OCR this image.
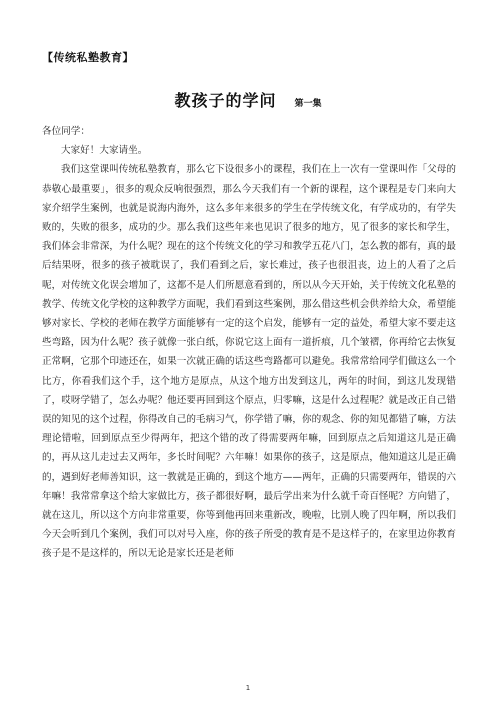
【传统私塾教育】
教孩子的学问 第一集

各位同学：

大家好！大家请坐。

我们这堂课叫传统私塾教育，那么它下设很多小的课程，我们在上一次有一堂课叫作「父母的恭敬心最重要」，很多的观众反响很强烈，那么今天我们有一个新的课程，这个课程是专门来向大家介绍学生案例，也就是说海内海外，这么多年来很多的学生在学传统文化，有学成功的，有学失败的，失败的很多，成功的少。那么我们这些年来也见识了很多的地方，见了很多的家长和学生，我们体会非常深，为什么呢？现在的这个传统文化的学习和教学五花八门，怎么教的都有，真的最后结果呀，很多的孩子被耽误了，我们看到之后，家长难过，孩子也很沮丧，边上的人看了之后呢，对传统文化误会增加了，这都不是人们所愿意看到的，所以从今天开始，关于传统文化私塾的教学、传统文化学校的这种教学方面呢，我们看到这些案例，那么借这些机会供养给大众，希望能够对家长、学校的老师在教学方面能够有一定的这个启发，能够有一定的益处，希望大家不要走这些弯路，因为什么呢？孩子就像一张白纸，你说它这上面有一道折痕，几个皱褶，你再给它去恢复正常啊，它那个印迹还在，如果一次就正确的话这些弯路都可以避免。我常常给同学们做这么一个比方，你看我们这个手，这个地方是原点，从这个地方出发到这儿，两年的时间，到这儿发现错了，哎呀学错了，怎么办呢？他还要再回到这个原点，归零嘛，这是什么过程呢？就是改正自己错误的知见的这个过程，你得改自己的毛病习气，你学错了嘛，你的观念、你的知见都错了嘛，方法理论错啦，回到原点至少得两年，把这个错的改了得需要两年嘛，回到原点之后知道这儿是正确的，再从这儿走过去又两年，多长时间呢？六年嘛！如果你的孩子，这是原点，他知道这儿是正确的，遇到好老师善知识，这一教就是正确的，到这个地方——两年，正确的只需要两年，错误的六年嘛！我常常拿这个给大家做比方，孩子都很好啊，最后学出来为什么就千奇百怪呢？方向错了，就在这儿，所以这个方向非常重要，你等到他再回来重新改，晚啦，比别人晚了四年啊，所以我们今天会听到几个案例，我们可以对号入座，你的孩子所受的教育是不是这样子的，在家里边你教育孩子是不是这样的，所以无论是家长还是老师

1
